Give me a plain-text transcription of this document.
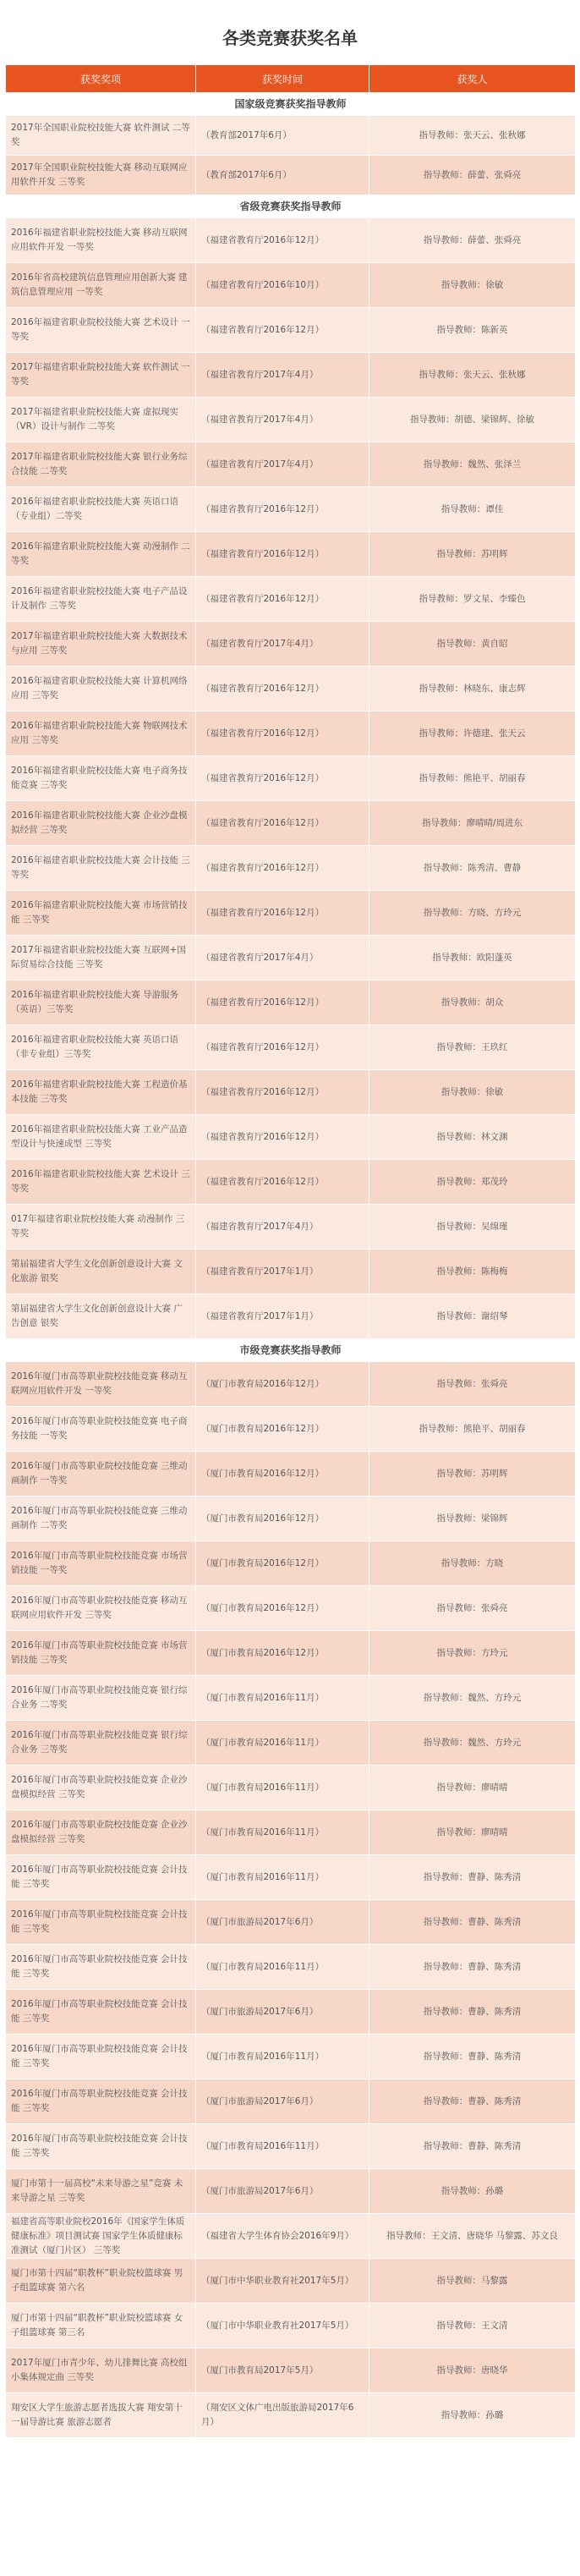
各类竞赛获奖名单
获奖奖项	获奖时间	获奖人
国家级竞赛获奖指导教师		
2017年全国职业院校技能大赛 软件测试 二等奖	（教育部2017年6月）	指导教师：张天云、张秋娜
2017年全国职业院校技能大赛 移动互联网应用软件开发 三等奖	（教育部2017年6月）	指导教师：薛蕾、张舜亮
省级竞赛获奖指导教师		
2016年福建省职业院校技能大赛 移动互联网应用软件开发 一等奖	（福建省教育厅2016年12月）	指导教师：薛蕾、张舜亮
2016年省高校建筑信息管理应用创新大赛 建筑信息管理应用 一等奖	（福建省教育厅2016年10月）	指导教师：徐敏
2016年福建省职业院校技能大赛 艺术设计 一等奖	（福建省教育厅2016年12月）	指导教师：陈新英
2017年福建省职业院校技能大赛 软件测试 一等奖	（福建省教育厅2017年4月）	指导教师：张天云、张秋娜
2017年福建省职业院校技能大赛 虚拟现实（VR）设计与制作 二等奖	（福建省教育厅2017年4月）	指导教师：胡德、梁锦辉、徐敏
2017年福建省职业院校技能大赛 银行业务综合技能 二等奖	（福建省教育厅2017年4月）	指导教师：魏然、张泽兰
2016年福建省职业院校技能大赛 英语口语（专业组）二等奖	（福建省教育厅2016年12月）	指导教师：谭佳
2016年福建省职业院校技能大赛 动漫制作 二等奖	（福建省教育厅2016年12月）	指导教师：苏明辉
2016年福建省职业院校技能大赛 电子产品设计及制作 三等奖	（福建省教育厅2016年12月）	指导教师：罗文星、李臻色
2017年福建省职业院校技能大赛 大数据技术与应用 三等奖	（福建省教育厅2017年4月）	指导教师：黄自昭
2016年福建省职业院校技能大赛 计算机网络应用 三等奖	（福建省教育厅2016年12月）	指导教师：林晓东、康志辉
2016年福建省职业院校技能大赛 物联网技术应用 三等奖	（福建省教育厅2016年12月）	指导教师：许德建、张天云
2016年福建省职业院校技能大赛 电子商务技能竞赛 三等奖	（福建省教育厅2016年12月）	指导教师：熊艳平、胡丽春
2016年福建省职业院校技能大赛 企业沙盘模拟经营 三等奖	（福建省教育厅2016年12月）	指导教师：廖晴晴/周进东
2016年福建省职业院校技能大赛 会计技能 三等奖	（福建省教育厅2016年12月）	指导教师：陈秀清、曹静
2016年福建省职业院校技能大赛 市场营销技能 三等奖	（福建省教育厅2016年12月）	指导教师：方晓、方玲元
2017年福建省职业院校技能大赛 互联网+国际贸易综合技能 三等奖	（福建省教育厅2017年4月）	指导教师：欧阳蓬英
2016年福建省职业院校技能大赛 导游服务（英语）三等奖	（福建省教育厅2016年12月）	指导教师：胡众
2016年福建省职业院校技能大赛 英语口语（非专业组）三等奖	（福建省教育厅2016年12月）	指导教师：王玖红
2016年福建省职业院校技能大赛 工程造价基本技能 三等奖	（福建省教育厅2016年12月）	指导教师：徐敏
2016年福建省职业院校技能大赛 工业产品造型设计与快速成型 三等奖	（福建省教育厅2016年12月）	指导教师：林文渊
2016年福建省职业院校技能大赛 艺术设计 三等奖	（福建省教育厅2016年12月）	指导教师：郑茂玲
017年福建省职业院校技能大赛 动漫制作 三等奖	（福建省教育厅2017年4月）	指导教师：吴绵瑾
第届福建省大学生文化创新创意设计大赛 文化旅游 银奖	（福建省教育厅2017年1月）	指导教师：陈梅梅
第届福建省大学生文化创新创意设计大赛 广告创意 银奖	（福建省教育厅2017年1月）	指导教师：谢绍琴
市级竞赛获奖指导教师		
2016年厦门市高等职业院校技能竞赛 移动互联网应用软件开发 一等奖	（厦门市教育局2016年12月）	指导教师：张舜亮
2016年厦门市高等职业院校技能竞赛 电子商务技能 一等奖	（厦门市教育局2016年12月）	指导教师：熊艳平、胡丽春
2016年厦门市高等职业院校技能竞赛 三维动画制作 一等奖	（厦门市教育局2016年12月）	指导教师：苏明辉
2016年厦门市高等职业院校技能竞赛 三维动画制作 二等奖	（厦门市教育局2016年12月）	指导教师：梁锦辉
2016年厦门市高等职业院校技能竞赛 市场营销技能 一等奖	（厦门市教育局2016年12月）	指导教师：方晓
2016年厦门市高等职业院校技能竞赛 移动互联网应用软件开发 三等奖	（厦门市教育局2016年12月）	指导教师：张舜亮
2016年厦门市高等职业院校技能竞赛 市场营销技能 三等奖	（厦门市教育局2016年12月）	指导教师：方玲元
2016年厦门市高等职业院校技能竞赛 银行综合业务 二等奖	（厦门市教育局2016年11月）	指导教师：魏然、方玲元
2016年厦门市高等职业院校技能竞赛 银行综合业务 三等奖	（厦门市教育局2016年11月）	指导教师：魏然、方玲元
2016年厦门市高等职业院校技能竞赛 企业沙盘模拟经营 三等奖	（厦门市教育局2016年11月）	指导教师：廖晴晴
2016年厦门市高等职业院校技能竞赛 企业沙盘模拟经营 三等奖	（厦门市教育局2016年11月）	指导教师：廖晴晴
2016年厦门市高等职业院校技能竞赛 会计技能 三等奖	（厦门市教育局2016年11月）	指导教师：曹静、陈秀清
2016年厦门市高等职业院校技能竞赛 会计技能 三等奖	（厦门市旅游局2017年6月）	指导教师：曹静、陈秀清
2016年厦门市高等职业院校技能竞赛 会计技能 三等奖	（厦门市教育局2016年11月）	指导教师：曹静、陈秀清
2016年厦门市高等职业院校技能竞赛 会计技能 三等奖	（厦门市旅游局2017年6月）	指导教师：曹静、陈秀清
2016年厦门市高等职业院校技能竞赛 会计技能 三等奖	（厦门市教育局2016年11月）	指导教师：曹静、陈秀清
2016年厦门市高等职业院校技能竞赛 会计技能 三等奖	（厦门市旅游局2017年6月）	指导教师：曹静、陈秀清
2016年厦门市高等职业院校技能竞赛 会计技能 三等奖	（厦门市教育局2016年11月）	指导教师：曹静、陈秀清
厦门市第十一届高校“未来导游之星”竞赛 未来导游之星 三等奖	（厦门市旅游局2017年6月）	指导教师：孙璐
福建省高等职业院校2016年《国家学生体质健康标准》项目测试赛 国家学生体质健康标准测试（厦门片区） 三等奖	（福建省大学生体育协会2016年9月）	指导教师：王文清、唐晓华 马黎露、苏文良
厦门市第十四届“职教杯”职业院校篮球赛 男子组篮球赛 第六名	（厦门市中华职业教育社2017年5月）	指导教师：马黎露
厦门市第十四届“职教杯”职业院校篮球赛 女子组篮球赛 第三名	（厦门市中华职业教育社2017年5月）	指导教师：王文清
2017年厦门市青少年、幼儿排舞比赛 高校组小集体规定曲 三等奖	（厦门市教育局2017年5月）	指导教师：唐晓华
翔安区大学生旅游志愿者选拔大赛 翔安第十一届导游比赛 旅游志愿者	（翔安区文体广电出版旅游局2017年6月）	指导教师：孙璐
